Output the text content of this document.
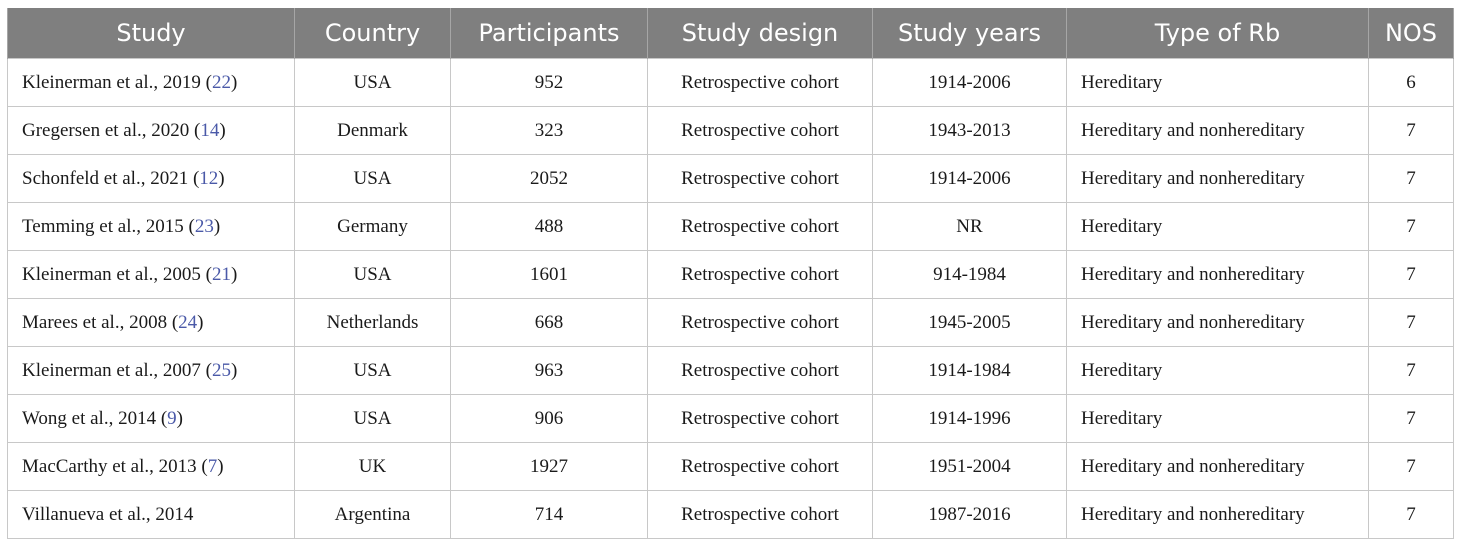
Study	Country	Participants	Study design	Study years	Type of Rb	NOS
Kleinerman et al., 2019 (22)	USA	952	Retrospective cohort	1914-2006	Hereditary	6
Gregersen et al., 2020 (14)	Denmark	323	Retrospective cohort	1943-2013	Hereditary and nonhereditary	7
Schonfeld et al., 2021 (12)	USA	2052	Retrospective cohort	1914-2006	Hereditary and nonhereditary	7
Temming et al., 2015 (23)	Germany	488	Retrospective cohort	NR	Hereditary	7
Kleinerman et al., 2005 (21)	USA	1601	Retrospective cohort	914-1984	Hereditary and nonhereditary	7
Marees et al., 2008 (24)	Netherlands	668	Retrospective cohort	1945-2005	Hereditary and nonhereditary	7
Kleinerman et al., 2007 (25)	USA	963	Retrospective cohort	1914-1984	Hereditary	7
Wong et al., 2014 (9)	USA	906	Retrospective cohort	1914-1996	Hereditary	7
MacCarthy et al., 2013 (7)	UK	1927	Retrospective cohort	1951-2004	Hereditary and nonhereditary	7
Villanueva et al., 2014	Argentina	714	Retrospective cohort	1987-2016	Hereditary and nonhereditary	7
